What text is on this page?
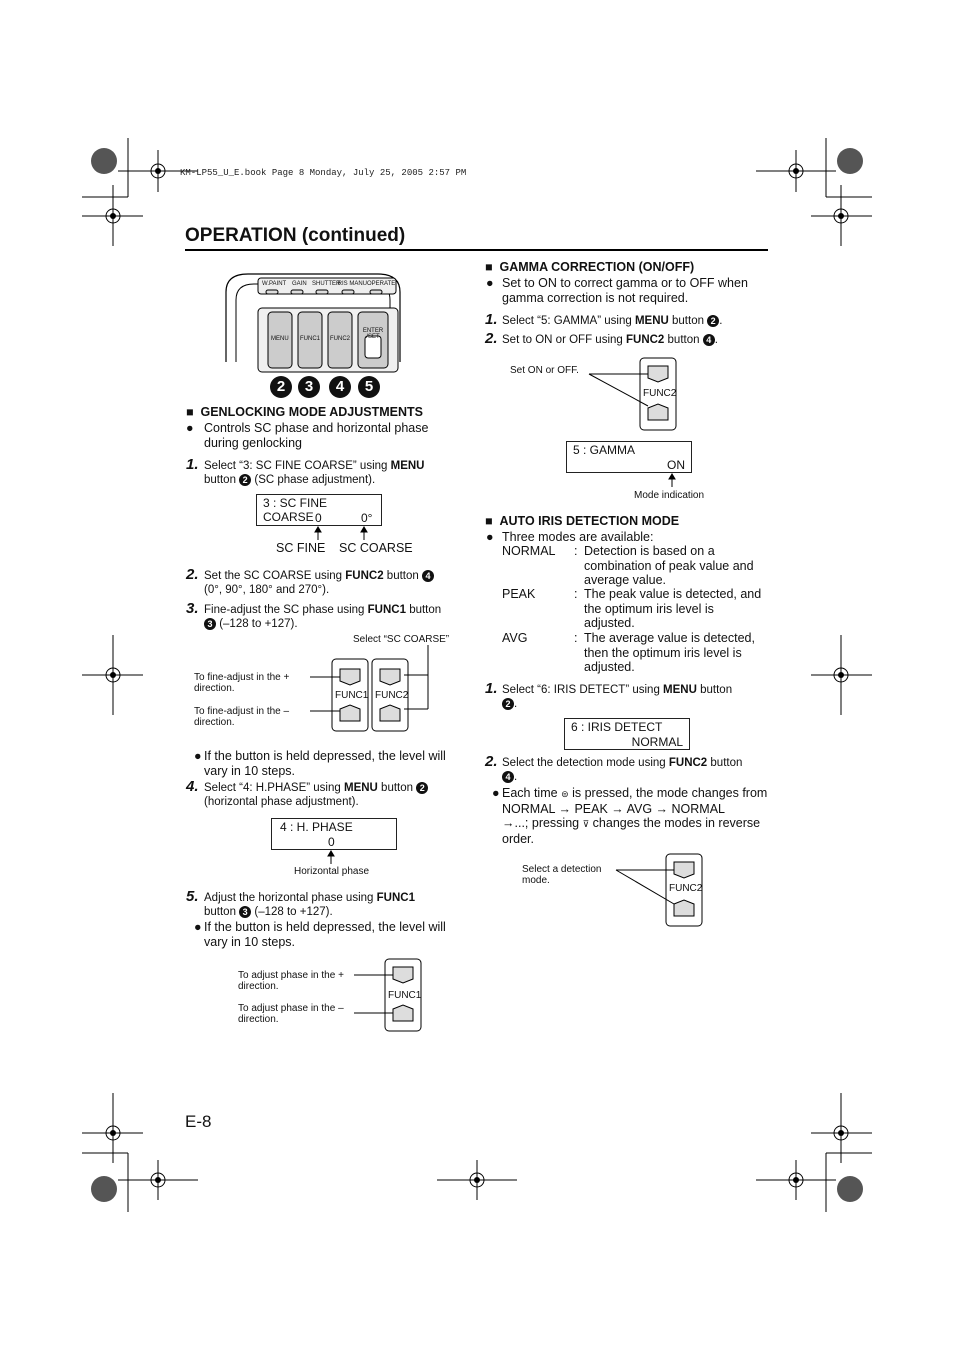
KM-LP55_U_E.book Page 8 Monday, July 25, 2005 2:57 PM
OPERATION (continued)
W.PAINT GAIN SHUTTER
IRIS MANU OPERATE
MENU FUNC1 FUNC2
ENTER /SET
2	3	4	5
■  GENLOCKING MODE ADJUSTMENTS
● Controls SC phase and horizontal phase during genlocking
1. Select “3: SC FINE COARSE” using MENU
button 2 (SC phase adjustment).
3 : SC FINE COARSE 0	0°
SC FINE SC COARSE
2. Set the SC COARSE using FUNC2 button 4
(0°, 90°, 180° and 270°).
3. Fine-adjust the SC phase using FUNC1 button
3 (–128 to +127).
Select “SC COARSE”
To fine-adjust in the + direction.
To fine-adjust in the – direction.
FUNC1 FUNC2
● If the button is held depressed, the level will vary in 10 steps.
4. Select “4: H.PHASE” using MENU button 2
(horizontal phase adjustment).
4 : H. PHASE
0
Horizontal phase
5. Adjust the horizontal phase using FUNC1
button 3 (–128 to +127).
● If the button is held depressed, the level will vary in 10 steps.
To adjust phase in the + direction.
To adjust phase in the – direction.
FUNC1
E-8
■  GAMMA CORRECTION (ON/OFF)
● Set to ON to correct gamma or to OFF when gamma correction is not required.
1. Select “5: GAMMA” using MENU button 2 .
2. Set to ON or OFF using FUNC2 button 4 .
Set ON or OFF.
FUNC2
5 : GAMMA
ON
Mode indication
■  AUTO IRIS DETECTION MODE
● Three modes are available:
NORMAL : Detection is based on a combination of peak value and average value.
PEAK	: The peak value is detected, and the optimum iris level is adjusted.
AVG	: The average value is detected, then the optimum iris level is adjusted.
1. Select “6: IRIS DETECT” using MENU button
2 .
6 : IRIS DETECT
NORMAL
2. Select the detection mode using FUNC2 button
4 .
● Each time ⊜ is pressed, the mode changes from NORMAL → PEAK → AVG → NORMAL
→...; pressing ⊽ changes the modes in reverse order.
Select a detection mode.
FUNC2
